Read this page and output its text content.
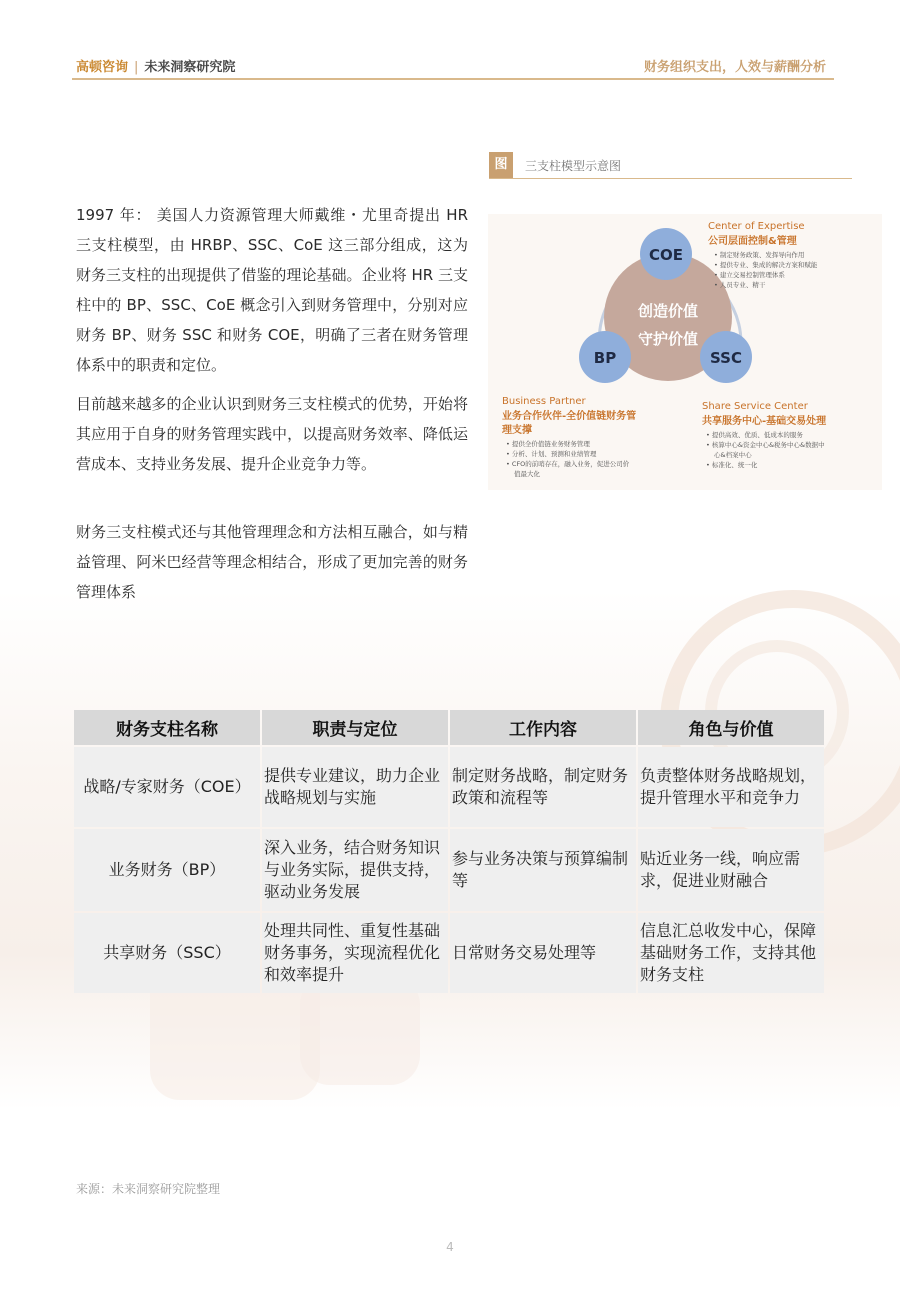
高顿咨询 | 未来洞察研究院	财务组织支出，人效与薪酬分析
1997 年： 美国人力资源管理大师戴维・尤里奇提出 HR 三支柱模型，由 HRBP、SSC、CoE 这三部分组成，这为财务三支柱的出现提供了借鉴的理论基础。企业将 HR 三支柱中的 BP、SSC、CoE 概念引入到财务管理中，分别对应财务 BP、财务 SSC 和财务 COE，明确了三者在财务管理体系中的职责和定位。
目前越来越多的企业认识到财务三支柱模式的优势，开始将其应用于自身的财务管理实践中，以提高财务效率、降低运营成本、支持业务发展、提升企业竞争力等。
财务三支柱模式还与其他管理理念和方法相互融合，如与精益管理、阿米巴经营等理念相结合，形成了更加完善的财务管理体系
图	三支柱模型示意图
创造价值
守护价值
COE
BP	SSC
Center of Expertise
公司层面控制&管理
• 制定财务政策、发挥导向作用
• 提供专业、集成的解决方案和赋能
• 建立交易控制管理体系
• 人员专业、精干
Business Partner
业务合作伙伴-全价值链财务管
理支撑
• 提供全价值链业务财务管理
• 分析、计划、预测和业绩管理
• CFO的前哨存在，融入业务，促进公司价
值最大化
Share Service Center
共享服务中心-基础交易处理
• 提供高效、优质、低成本的服务
• 核算中心&资金中心&税务中心&数据中
心&档案中心
• 标准化、统一化
财务支柱名称	职责与定位	工作内容	角色与价值
战略/专家财务（COE）	提供专业建议，助力企业战略规划与实施	制定财务战略，制定财务政策和流程等	负责整体财务战略规划，提升管理水平和竞争力
业务财务（BP）	深入业务，结合财务知识与业务实际，提供支持，驱动业务发展	参与业务决策与预算编制等	贴近业务一线，响应需求，促进业财融合
共享财务（SSC）	处理共同性、重复性基础财务事务，实现流程优化和效率提升	日常财务交易处理等	信息汇总收发中心，保障基础财务工作，支持其他财务支柱
来源：未来洞察研究院整理
4
